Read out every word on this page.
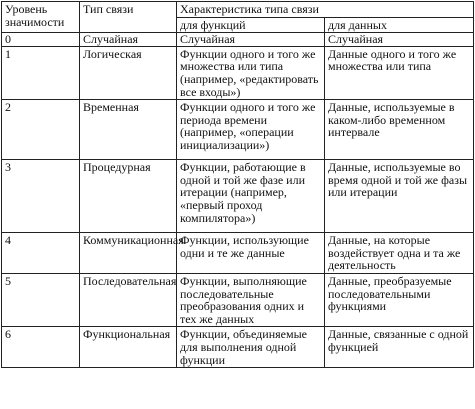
Уровень
значимости	Тип связи	Характеристика типа связи	
		для функций	для данных
0	Случайная	Случайная	Случайная
1	Логическая	Функции одного и того же множества или типа (например, «редактировать все входы»)	Данные одного и того же множества или типа
2	Временная	Функции одного и того же периода времени (например, «операции инициализации»)	Данные, используемые в каком-либо временном интервале
3	Процедурная	Функции, работающие в одной и той же фазе или итерации (например, «первый проход компилятора»)	Данные, используемые во время одной и той же фазы или итерации
4	Коммуникационная	Функции, использующие одни и те же данные	Данные, на которые воздействует одна и та же деятельность
5	Последовательная	Функции, выполняющие последовательные преобразования одних и тех же данных	Данные, преобразуемые последовательными функциями
6	Функциональная	Функции, объединяемые для выполнения одной функции	Данные, связанные с одной функцией
